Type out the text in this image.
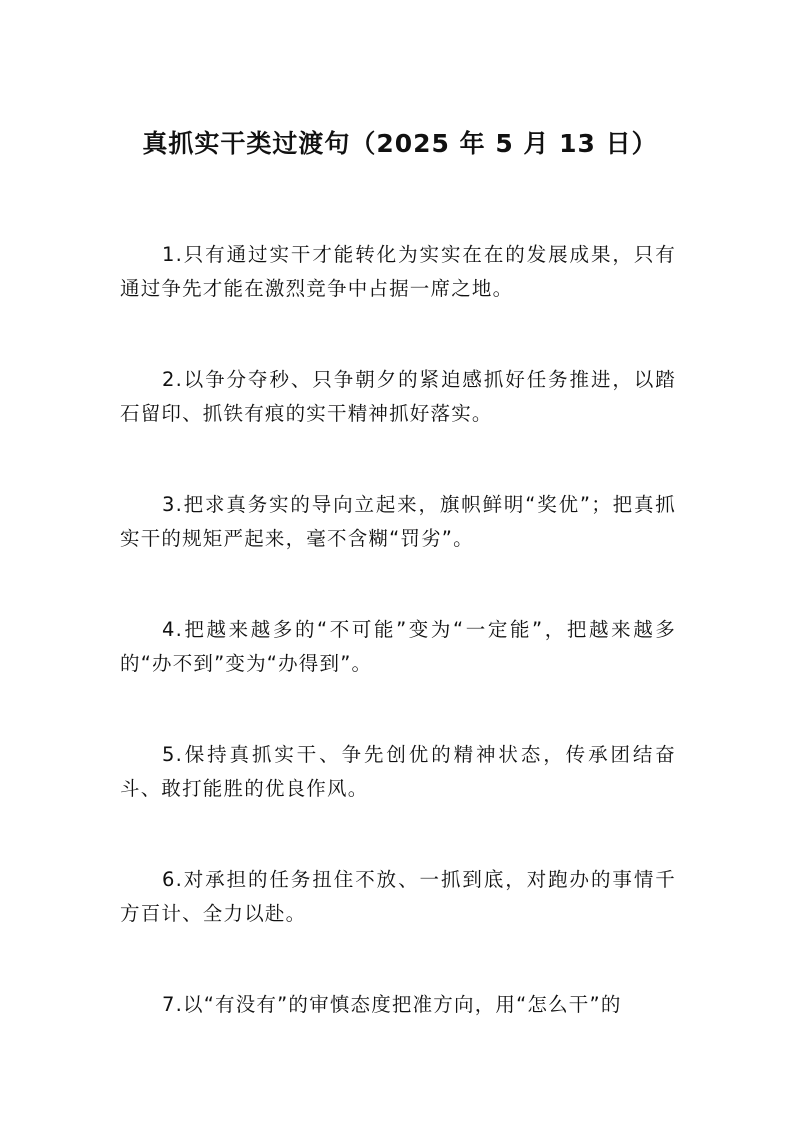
真抓实干类过渡句（2025 年 5 月 13 日）

1.只有通过实干才能转化为实实在在的发展成果，只有通过争先才能在激烈竞争中占据一席之地。

2.以争分夺秒、只争朝夕的紧迫感抓好任务推进，以踏石留印、抓铁有痕的实干精神抓好落实。

3.把求真务实的导向立起来，旗帜鲜明“奖优”；把真抓实干的规矩严起来，毫不含糊“罚劣”。

4.把越来越多的“不可能”变为“一定能”，把越来越多的“办不到”变为“办得到”。

5.保持真抓实干、争先创优的精神状态，传承团结奋斗、敢打能胜的优良作风。

6.对承担的任务扭住不放、一抓到底，对跑办的事情千方百计、全力以赴。

7.以“有没有”的审慎态度把准方向，用“怎么干”的
